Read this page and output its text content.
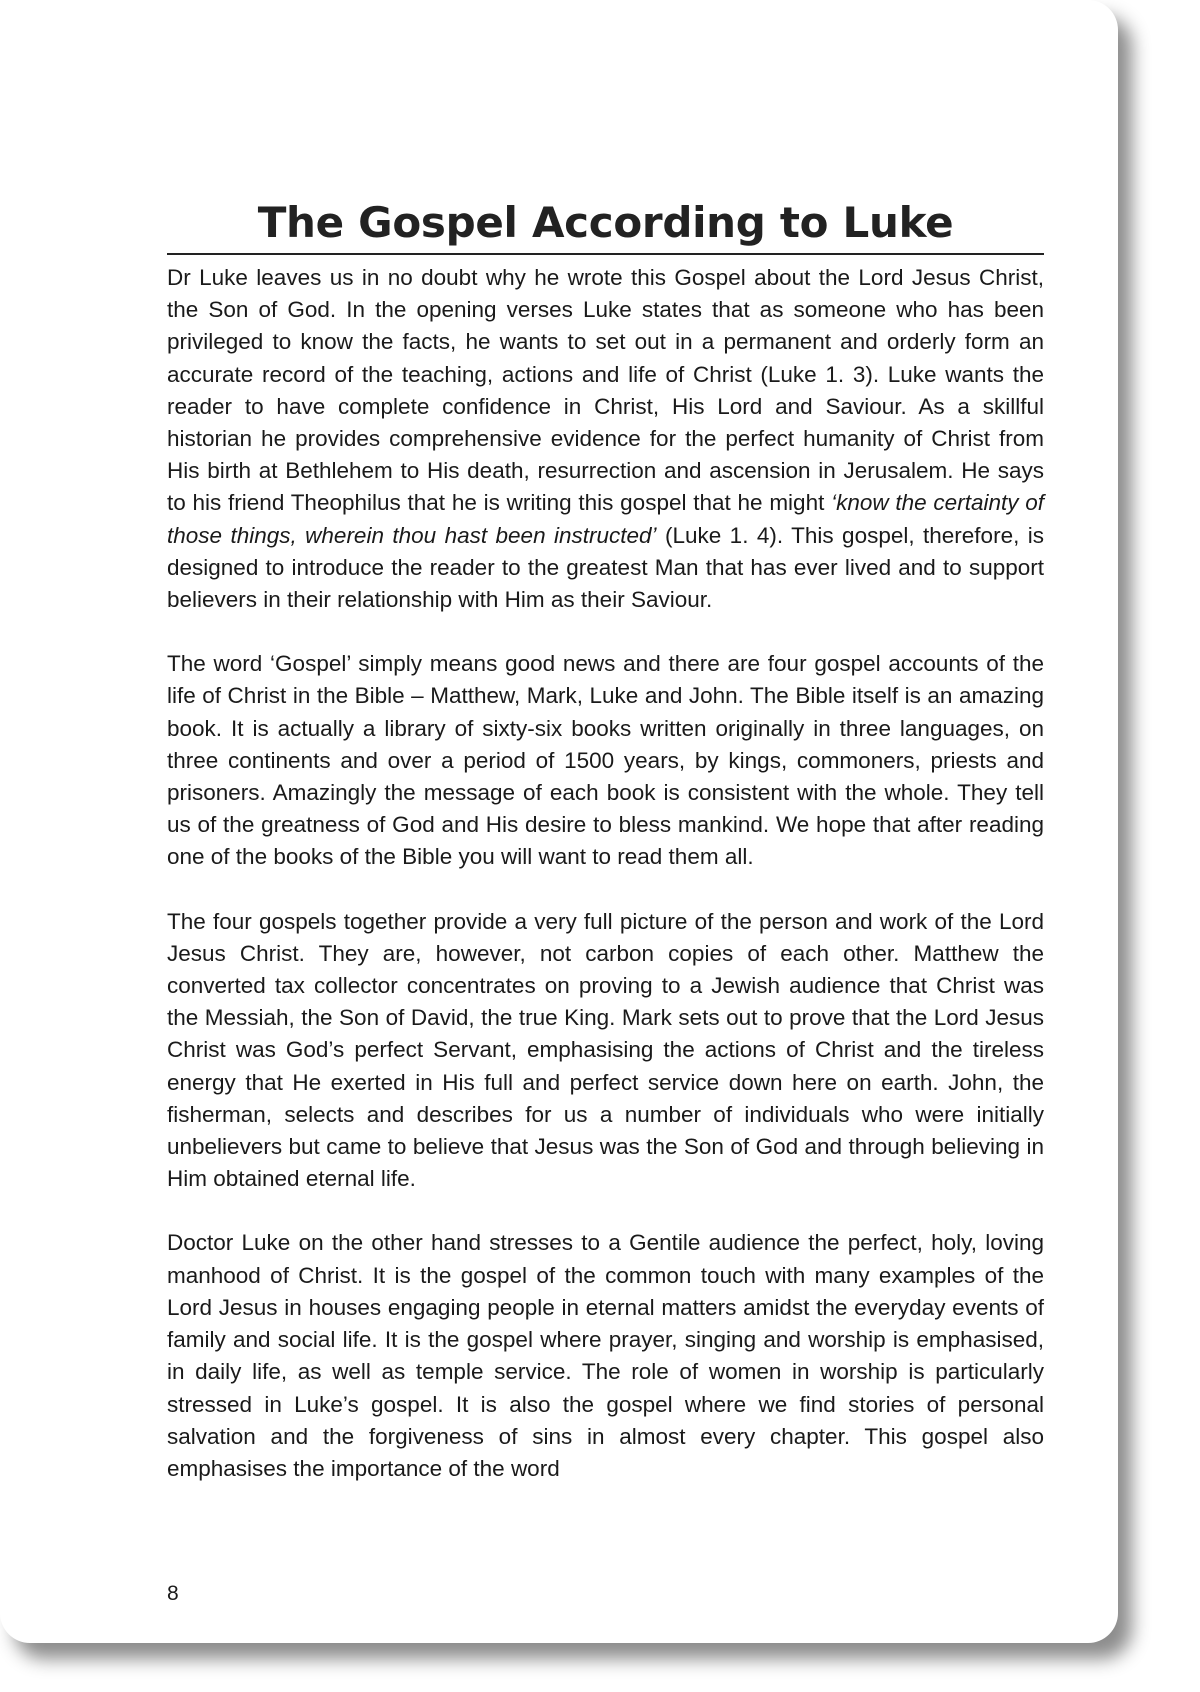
The Gospel According to Luke

Dr Luke leaves us in no doubt why he wrote this Gospel about the Lord Jesus Christ, the Son of God. In the opening verses Luke states that as someone who has been privileged to know the facts, he wants to set out in a permanent and orderly form an accurate record of the teaching, actions and life of Christ (Luke 1. 3). Luke wants the reader to have complete confidence in Christ, His Lord and Saviour. As a skillful historian he provides comprehensive evidence for the perfect humanity of Christ from His birth at Bethlehem to His death, resurrection and ascension in Jerusalem. He says to his friend Theophilus that he is writing this gospel that he might ‘know the certainty of those things, wherein thou hast been instructed’ (Luke 1. 4). This gospel, therefore, is designed to introduce the reader to the greatest Man that has ever lived and to support believers in their relationship with Him as their Saviour.

The word ‘Gospel’ simply means good news and there are four gospel accounts of the life of Christ in the Bible – Matthew, Mark, Luke and John. The Bible itself is an amazing book. It is actually a library of sixty-six books written originally in three languages, on three continents and over a period of 1500 years, by kings, commoners, priests and prisoners. Amazingly the message of each book is consistent with the whole. They tell us of the greatness of God and His desire to bless mankind. We hope that after reading one of the books of the Bible you will want to read them all.

The four gospels together provide a very full picture of the person and work of the Lord Jesus Christ. They are, however, not carbon copies of each other. Matthew the converted tax collector concentrates on proving to a Jewish audience that Christ was the Messiah, the Son of David, the true King. Mark sets out to prove that the Lord Jesus Christ was God’s perfect Servant, emphasising the actions of Christ and the tireless energy that He exerted in His full and perfect service down here on earth. John, the fisherman, selects and describes for us a number of individuals who were initially unbelievers but came to believe that Jesus was the Son of God and through believing in Him obtained eternal life.

Doctor Luke on the other hand stresses to a Gentile audience the perfect, holy, loving manhood of Christ. It is the gospel of the common touch with many examples of the Lord Jesus in houses engaging people in eternal matters amidst the everyday events of family and social life. It is the gospel where prayer, singing and worship is emphasised, in daily life, as well as temple service. The role of women in worship is particularly stressed in Luke’s gospel. It is also the gospel where we find stories of personal salvation and the forgiveness of sins in almost every chapter. This gospel also emphasises the importance of the word

8
